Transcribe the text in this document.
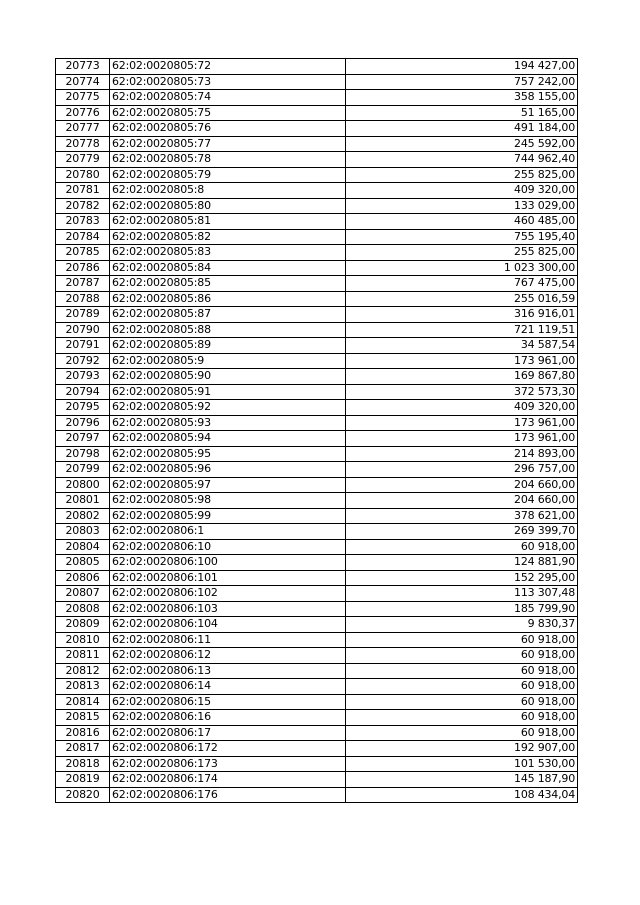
20773	62:02:0020805:72	194 427,00
20774	62:02:0020805:73	757 242,00
20775	62:02:0020805:74	358 155,00
20776	62:02:0020805:75	51 165,00
20777	62:02:0020805:76	491 184,00
20778	62:02:0020805:77	245 592,00
20779	62:02:0020805:78	744 962,40
20780	62:02:0020805:79	255 825,00
20781	62:02:0020805:8	409 320,00
20782	62:02:0020805:80	133 029,00
20783	62:02:0020805:81	460 485,00
20784	62:02:0020805:82	755 195,40
20785	62:02:0020805:83	255 825,00
20786	62:02:0020805:84	1 023 300,00
20787	62:02:0020805:85	767 475,00
20788	62:02:0020805:86	255 016,59
20789	62:02:0020805:87	316 916,01
20790	62:02:0020805:88	721 119,51
20791	62:02:0020805:89	34 587,54
20792	62:02:0020805:9	173 961,00
20793	62:02:0020805:90	169 867,80
20794	62:02:0020805:91	372 573,30
20795	62:02:0020805:92	409 320,00
20796	62:02:0020805:93	173 961,00
20797	62:02:0020805:94	173 961,00
20798	62:02:0020805:95	214 893,00
20799	62:02:0020805:96	296 757,00
20800	62:02:0020805:97	204 660,00
20801	62:02:0020805:98	204 660,00
20802	62:02:0020805:99	378 621,00
20803	62:02:0020806:1	269 399,70
20804	62:02:0020806:10	60 918,00
20805	62:02:0020806:100	124 881,90
20806	62:02:0020806:101	152 295,00
20807	62:02:0020806:102	113 307,48
20808	62:02:0020806:103	185 799,90
20809	62:02:0020806:104	9 830,37
20810	62:02:0020806:11	60 918,00
20811	62:02:0020806:12	60 918,00
20812	62:02:0020806:13	60 918,00
20813	62:02:0020806:14	60 918,00
20814	62:02:0020806:15	60 918,00
20815	62:02:0020806:16	60 918,00
20816	62:02:0020806:17	60 918,00
20817	62:02:0020806:172	192 907,00
20818	62:02:0020806:173	101 530,00
20819	62:02:0020806:174	145 187,90
20820	62:02:0020806:176	108 434,04
